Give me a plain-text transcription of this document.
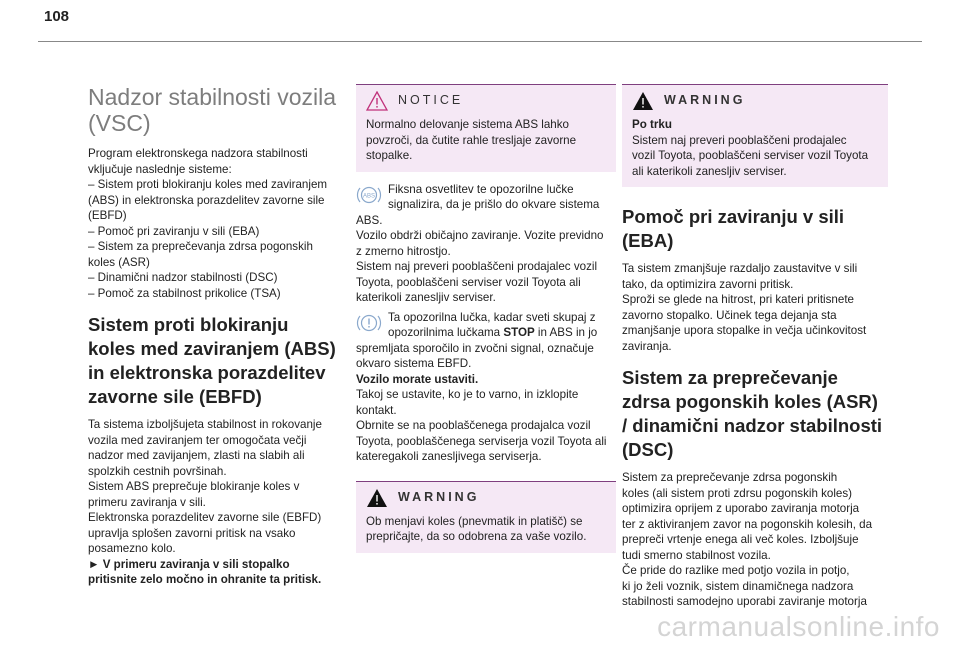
108
Nadzor stabilnosti vozila
(VSC)

Program elektronskega nadzora stabilnosti
vključuje naslednje sisteme:
– Sistem proti blokiranju koles med zaviranjem
(ABS) in elektronska porazdelitev zavorne sile
(EBFD)
– Pomoč pri zaviranju v sili (EBA)
– Sistem za preprečevanja zdrsa pogonskih
koles (ASR)
– Dinamični nadzor stabilnosti (DSC)
– Pomoč za stabilnost prikolice (TSA)

Sistem proti blokiranju koles med zaviranjem (ABS) in elektronska porazdelitev zavorne sile (EBFD)

Ta sistema izboljšujeta stabilnost in rokovanje
vozila med zaviranjem ter omogočata večji
nadzor med zavijanjem, zlasti na slabih ali
spolzkih cestnih površinah.
Sistem ABS preprečuje blokiranje koles v
primeru zaviranja v sili.
Elektronska porazdelitev zavorne sile (EBFD)
upravlja splošen zavorni pritisk na vsako
posamezno kolo.

► V primeru zaviranja v sili stopalko
pritisnite zelo močno in ohranite ta pritisk.

NOTICE
Normalno delovanje sistema ABS lahko
povzroči, da čutite rahle tresljaje zavorne
stopalke.
ABS
Fiksna osvetlitev te opozorilne lučke
signalizira, da je prišlo do okvare sistema
ABS.
Vozilo obdrži običajno zaviranje. Vozite previdno
z zmerno hitrostjo.
Sistem naj preveri pooblaščeni prodajalec vozil
Toyota, pooblaščeni serviser vozil Toyota ali
katerikoli zanesljiv serviser.
Ta opozorilna lučka, kadar sveti skupaj z
opozorilnima lučkama STOP in ABS in jo
spremljata sporočilo in zvočni signal, označuje
okvaro sistema EBFD.
Vozilo morate ustaviti.
Takoj se ustavite, ko je to varno, in izklopite
kontakt.
Obrnite se na pooblaščenega prodajalca vozil
Toyota, pooblaščenega serviserja vozil Toyota ali
kateregakoli zanesljivega serviserja.
WARNING
Ob menjavi koles (pnevmatik in platišč) se
prepričajte, da so odobrena za vaše vozilo.
WARNING
Po trku
Sistem naj preveri pooblaščeni prodajalec
vozil Toyota, pooblaščeni serviser vozil Toyota
ali katerikoli zanesljiv serviser.
Pomoč pri zaviranju v sili (EBA)

Ta sistem zmanjšuje razdaljo zaustavitve v sili
tako, da optimizira zavorni pritisk.
Sproži se glede na hitrost, pri kateri pritisnete
zavorno stopalko. Učinek tega dejanja sta
zmanjšanje upora stopalke in večja učinkovitost
zaviranja.

Sistem za preprečevanje zdrsa pogonskih koles (ASR) / dinamični nadzor stabilnosti (DSC)

Sistem za preprečevanje zdrsa pogonskih
koles (ali sistem proti zdrsu pogonskih koles)
optimizira oprijem z uporabo zaviranja motorja
ter z aktiviranjem zavor na pogonskih kolesih, da
prepreči vrtenje enega ali več koles. Izboljšuje
tudi smerno stabilnost vozila.
Če pride do razlike med potjo vozila in potjo,
ki jo želi voznik, sistem dinamičnega nadzora
stabilnosti samodejno uporabi zaviranje motorja

carmanualsonline.info
